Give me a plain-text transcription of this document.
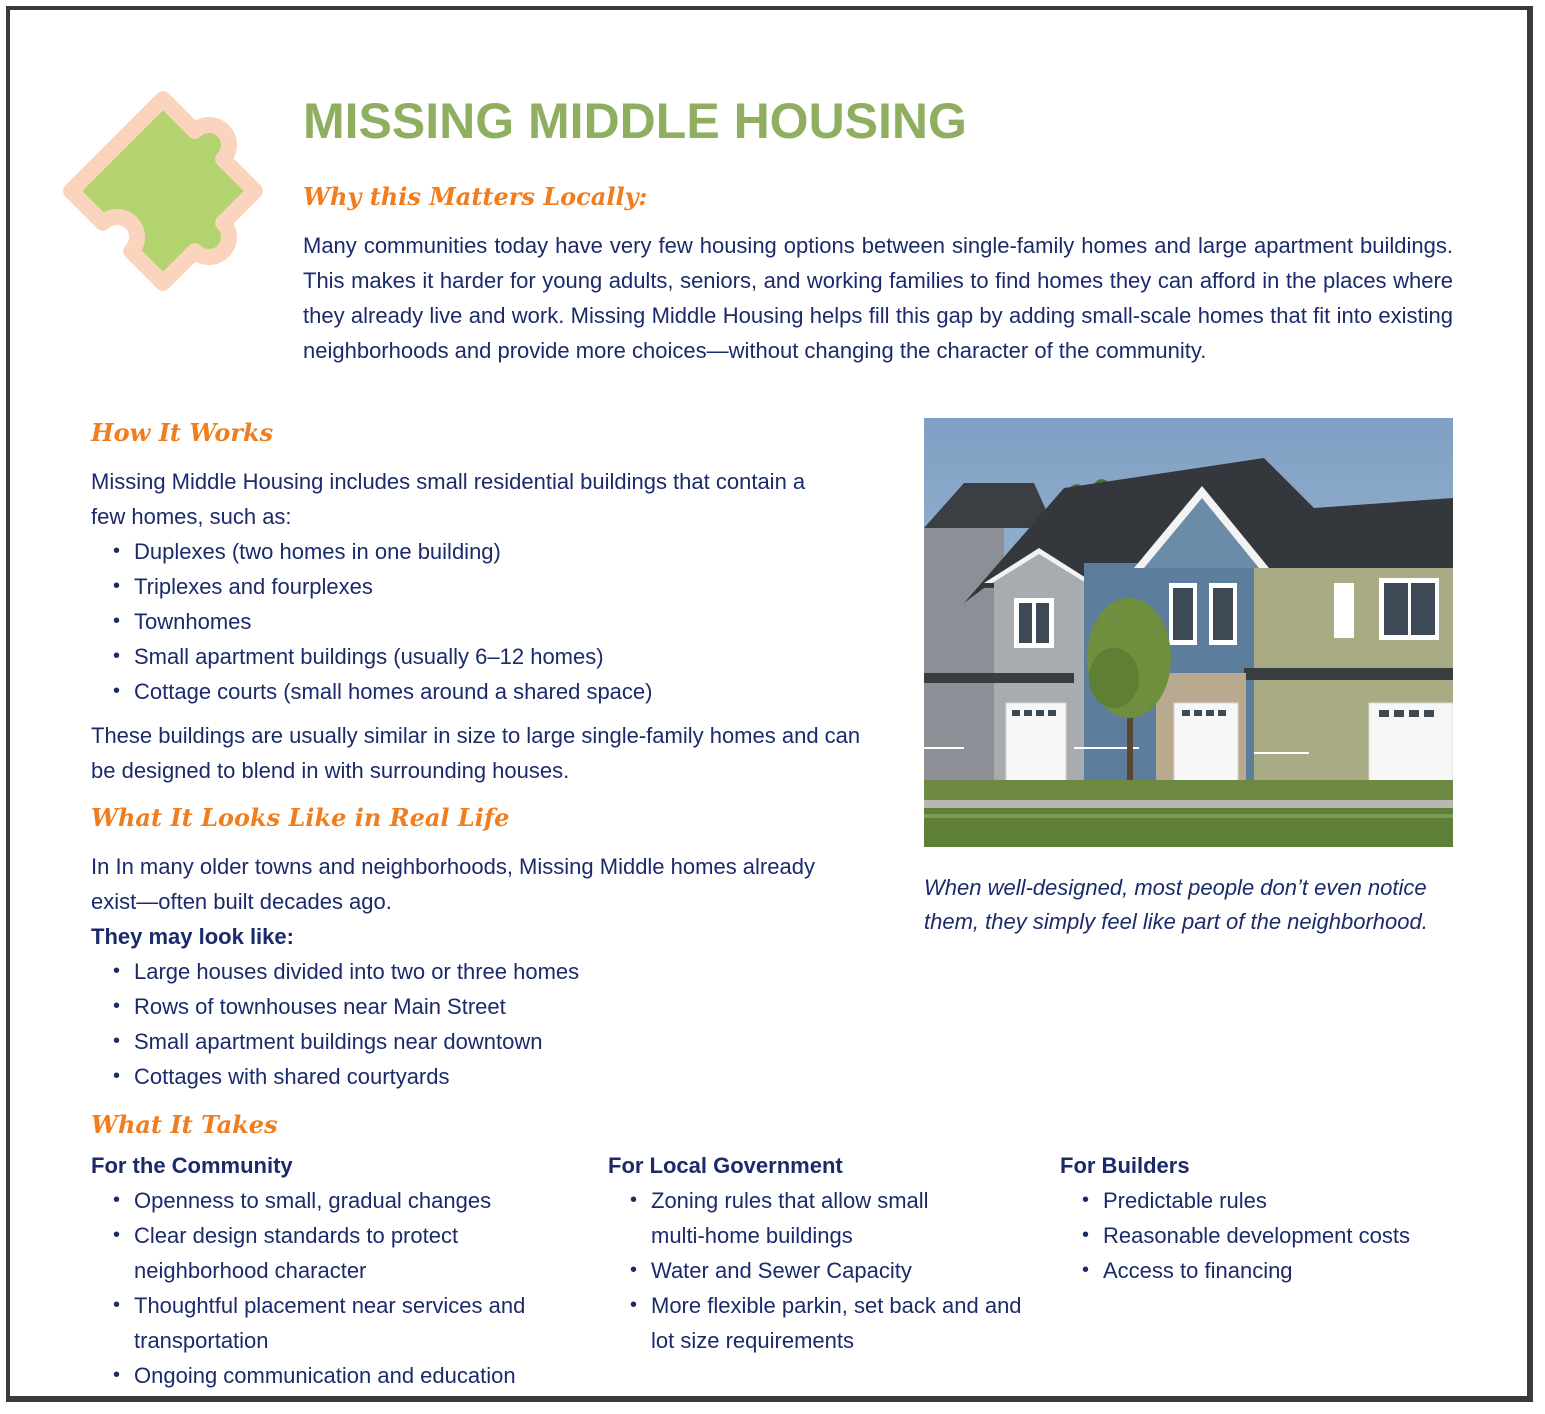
MISSING MIDDLE HOUSING
Why this Matters Locally:
Many communities today have very few housing options between single-family homes and large apartment buildings. This makes it harder for young adults, seniors, and working families to find homes they can afford in the places where they already live and work. Missing Middle Housing helps fill this gap by adding small-scale homes that fit into existing neighborhoods and provide more choices—without changing the character of the community.
How It Works
Missing Middle Housing includes small residential buildings that contain a few homes, such as:
• Duplexes (two homes in one building)
• Triplexes and fourplexes
• Townhomes
• Small apartment buildings (usually 6–12 homes)
• Cottage courts (small homes around a shared space)
These buildings are usually similar in size to large single-family homes and can be designed to blend in with surrounding houses.
What It Looks Like in Real Life
In In many older towns and neighborhoods, Missing Middle homes already exist—often built decades ago.
They may look like:
• Large houses divided into two or three homes
• Rows of townhouses near Main Street
• Small apartment buildings near downtown
• Cottages with shared courtyards
When well-designed, most people don’t even notice them, they simply feel like part of the neighborhood.
What It Takes
For the Community
• Openness to small, gradual changes
• Clear design standards to protect neighborhood character
• Thoughtful placement near services and transportation
• Ongoing communication and education
For Local Government
• Zoning rules that allow small multi-home buildings
• Water and Sewer Capacity
• More flexible parkin, set back and and lot size requirements
For Builders
• Predictable rules
• Reasonable development costs
• Access to financing
